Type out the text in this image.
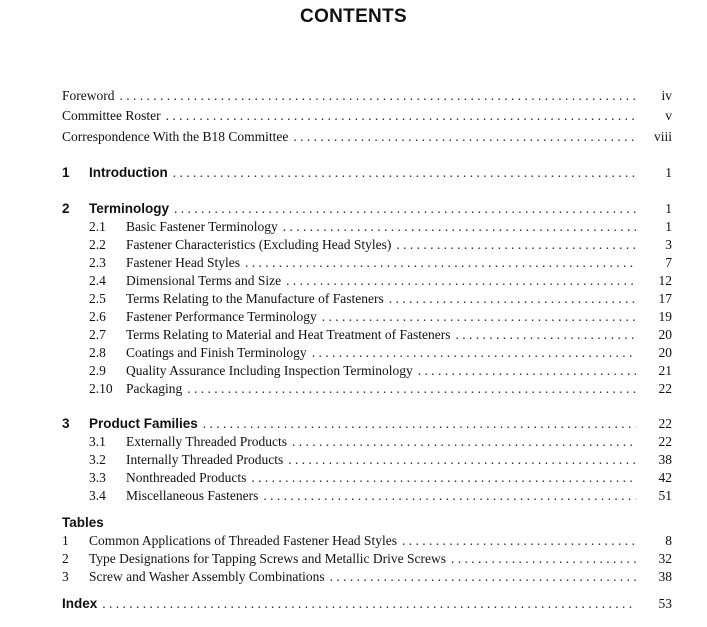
CONTENTS
Foreword . . .	iv
Committee Roster . . .	v
Correspondence With the B18 Committee . . .	viii
1	Introduction . . .	1
2	Terminology . . .	1
2.1	Basic Fastener Terminology . . .	1
2.2	Fastener Characteristics (Excluding Head Styles) . . .	3
2.3	Fastener Head Styles . . .	7
2.4	Dimensional Terms and Size . . .	12
2.5	Terms Relating to the Manufacture of Fasteners . . .	17
2.6	Fastener Performance Terminology . . .	19
2.7	Terms Relating to Material and Heat Treatment of Fasteners . . .	20
2.8	Coatings and Finish Terminology . . .	20
2.9	Quality Assurance Including Inspection Terminology . . .	21
2.10 Packaging . . .	22
3	Product Families . . .	22
3.1	Externally Threaded Products . . .	22
3.2	Internally Threaded Products . . .	38
3.3	Nonthreaded Products . . .	42
3.4	Miscellaneous Fasteners . . .	51
Tables
1	Common Applications of Threaded Fastener Head Styles . . .	8
2	Type Designations for Tapping Screws and Metallic Drive Screws . . .	32
3	Screw and Washer Assembly Combinations . . .	38
Index . . .	53
